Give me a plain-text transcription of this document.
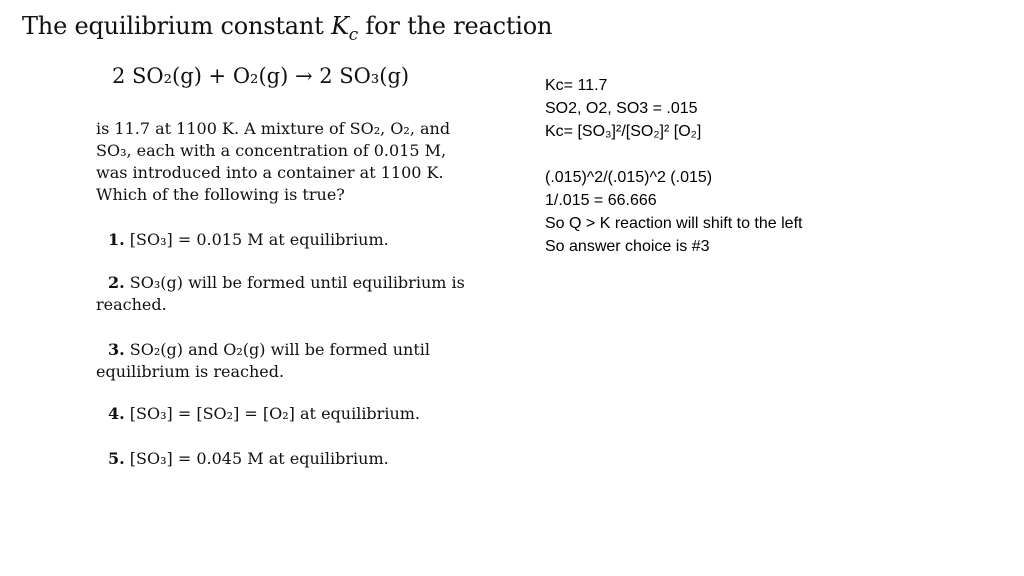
The equilibrium constant $K_c$ for the reaction
2 SO₂(g) + O₂(g) → 2 SO₃(g)
is 11.7 at 1100 K. A mixture of SO₂, O₂, and SO₃, each with a concentration of 0.015 M, was introduced into a container at 1100 K. Which of the following is true?
1. [SO₃] = 0.015 M at equilibrium.
2. SO₃(g) will be formed until equilibrium is reached.
3. SO₂(g) and O₂(g) will be formed until equilibrium is reached.
4. [SO₃] = [SO₂] = [O₂] at equilibrium.
5. [SO₃] = 0.045 M at equilibrium.
Kc= 11.7
SO2, O2, SO3 = .015
Kc= [SO₃]²/[SO₂]² [O₂]
(.015)^2/(.015)^2 (.015)
1/.015 = 66.666
So Q > K reaction will shift to the left
So answer choice is #3
